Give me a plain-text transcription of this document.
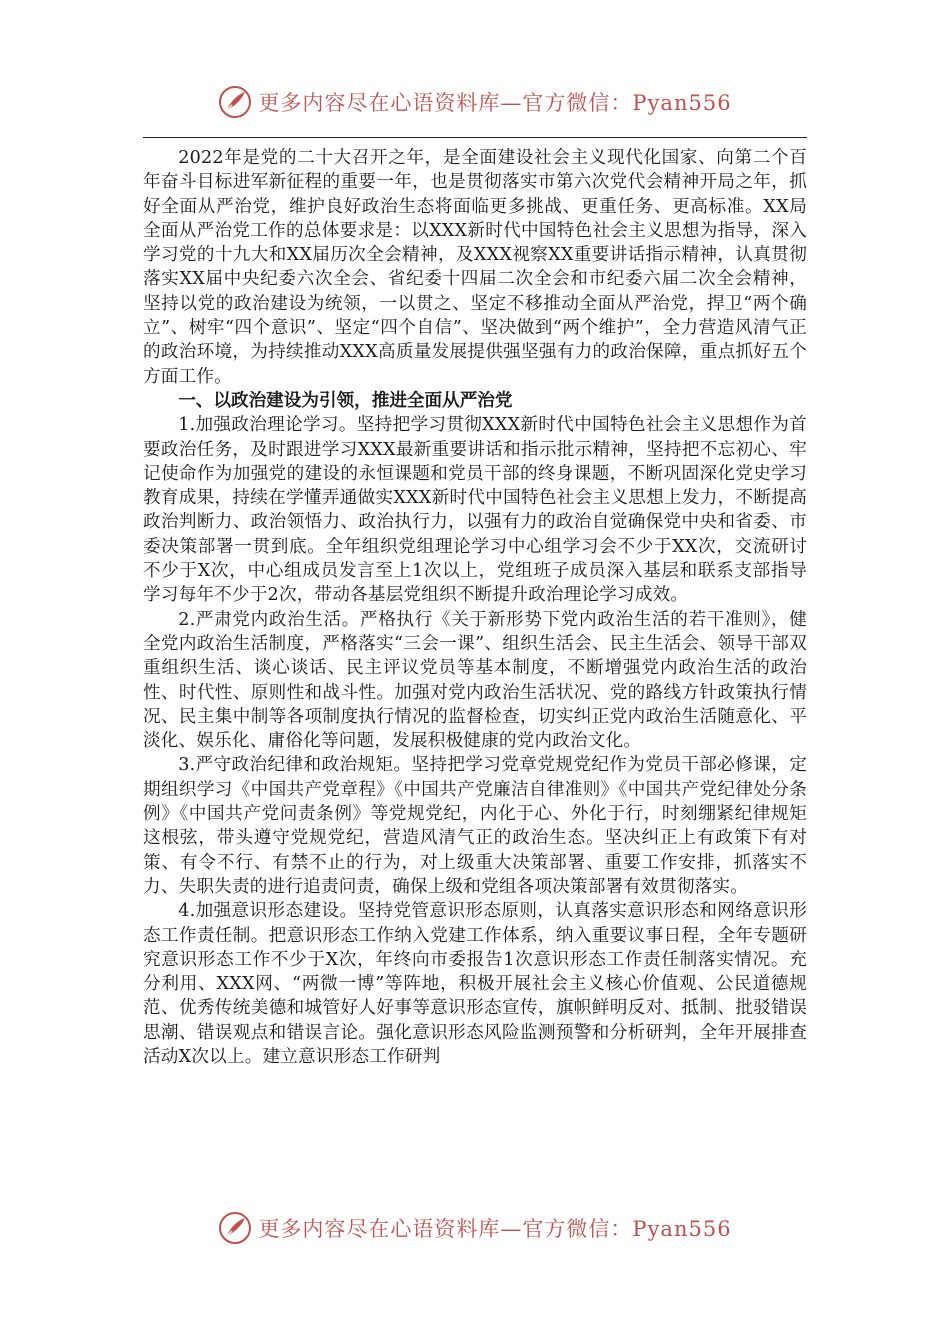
更多内容尽在心语资料库—官方微信：Pyan556

2022年是党的二十大召开之年，是全面建设社会主义现代化国家、向第二个百年奋斗目标进军新征程的重要一年，也是贯彻落实市第六次党代会精神开局之年，抓好全面从严治党，维护良好政治生态将面临更多挑战、更重任务、更高标准。XX局全面从严治党工作的总体要求是：以XXX新时代中国特色社会主义思想为指导，深入学习党的十九大和XX届历次全会精神，及XXX视察XX重要讲话指示精神，认真贯彻落实XX届中央纪委六次全会、省纪委十四届二次全会和市纪委六届二次全会精神，坚持以党的政治建设为统领，一以贯之、坚定不移推动全面从严治党，捍卫“两个确立”、树牢“四个意识”、坚定“四个自信”、坚决做到“两个维护”，全力营造风清气正的政治环境，为持续推动XXX高质量发展提供强坚强有力的政治保障，重点抓好五个方面工作。

一、以政治建设为引领，推进全面从严治党

1.加强政治理论学习。坚持把学习贯彻XXX新时代中国特色社会主义思想作为首要政治任务，及时跟进学习XXX最新重要讲话和指示批示精神，坚持把不忘初心、牢记使命作为加强党的建设的永恒课题和党员干部的终身课题，不断巩固深化党史学习教育成果，持续在学懂弄通做实XXX新时代中国特色社会主义思想上发力，不断提高政治判断力、政治领悟力、政治执行力，以强有力的政治自觉确保党中央和省委、市委决策部署一贯到底。全年组织党组理论学习中心组学习会不少于XX次，交流研讨不少于X次，中心组成员发言至上1次以上，党组班子成员深入基层和联系支部指导学习每年不少于2次，带动各基层党组织不断提升政治理论学习成效。

2.严肃党内政治生活。严格执行《关于新形势下党内政治生活的若干准则》，健全党内政治生活制度，严格落实“三会一课”、组织生活会、民主生活会、领导干部双重组织生活、谈心谈话、民主评议党员等基本制度，不断增强党内政治生活的政治性、时代性、原则性和战斗性。加强对党内政治生活状况、党的路线方针政策执行情况、民主集中制等各项制度执行情况的监督检查，切实纠正党内政治生活随意化、平淡化、娱乐化、庸俗化等问题，发展积极健康的党内政治文化。

3.严守政治纪律和政治规矩。坚持把学习党章党规党纪作为党员干部必修课，定期组织学习《中国共产党章程》《中国共产党廉洁自律准则》《中国共产党纪律处分条例》《中国共产党问责条例》等党规党纪，内化于心、外化于行，时刻绷紧纪律规矩这根弦，带头遵守党规党纪，营造风清气正的政治生态。坚决纠正上有政策下有对策、有令不行、有禁不止的行为，对上级重大决策部署、重要工作安排，抓落实不力、失职失责的进行追责问责，确保上级和党组各项决策部署有效贯彻落实。

4.加强意识形态建设。坚持党管意识形态原则，认真落实意识形态和网络意识形态工作责任制。把意识形态工作纳入党建工作体系，纳入重要议事日程，全年专题研究意识形态工作不少于X次，年终向市委报告1次意识形态工作责任制落实情况。充分利用、XXX网、“两微一博”等阵地，积极开展社会主义核心价值观、公民道德规范、优秀传统美德和城管好人好事等意识形态宣传，旗帜鲜明反对、抵制、批驳错误思潮、错误观点和错误言论。强化意识形态风险监测预警和分析研判，全年开展排查活动X次以上。建立意识形态工作研判

更多内容尽在心语资料库—官方微信：Pyan556
